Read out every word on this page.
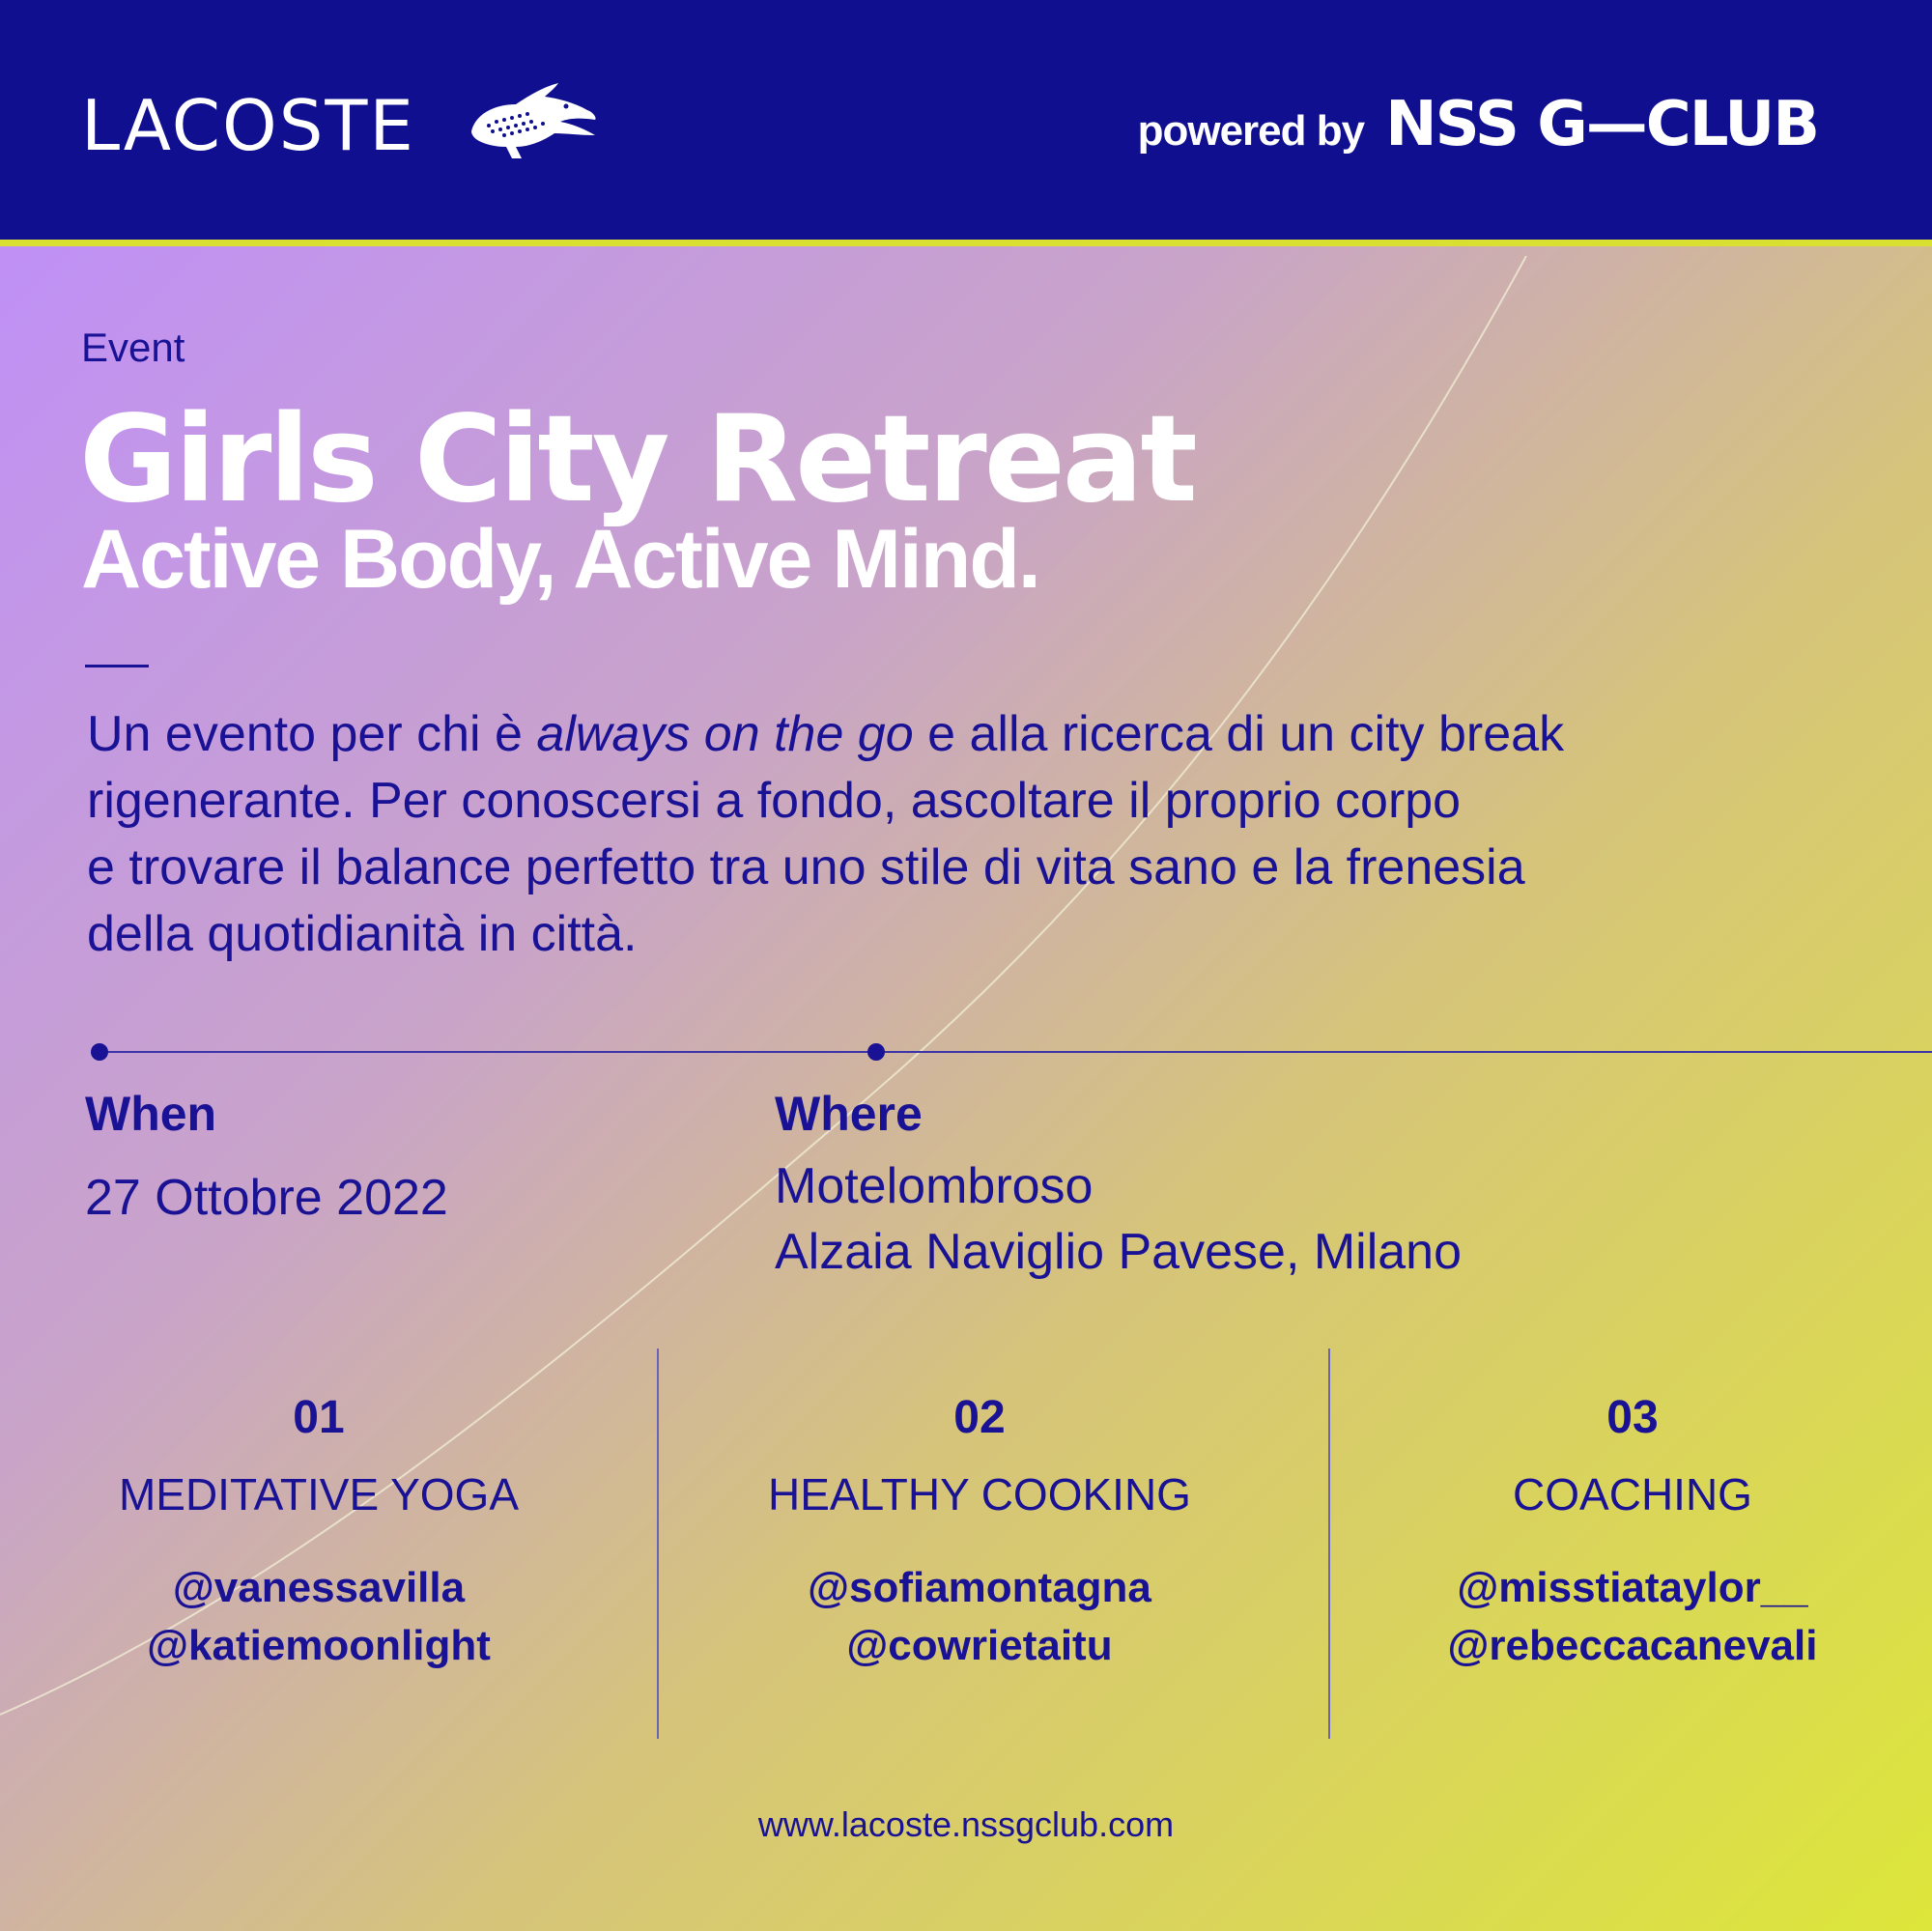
LACOSTE	powered by NSS G—CLUB
Event
Girls City Retreat
Active Body, Active Mind.

Un evento per chi è always on the go e alla ricerca di un city break

rigenerante. Per conoscersi a fondo, ascoltare il proprio corpo

e trovare il balance perfetto tra uno stile di vita sano e la frenesia

della quotidianità in città.

When
27 Ottobre 2022
Where
Motelombroso
Alzaia Naviglio Pavese, Milano
01
MEDITATIVE YOGA
@vanessavilla
@katiemoonlight
02
HEALTHY COOKING
@sofiamontagna
@cowrietaitu
03
COACHING
@misstiataylor__
@rebeccacanevali
www.lacoste.nssgclub.com
